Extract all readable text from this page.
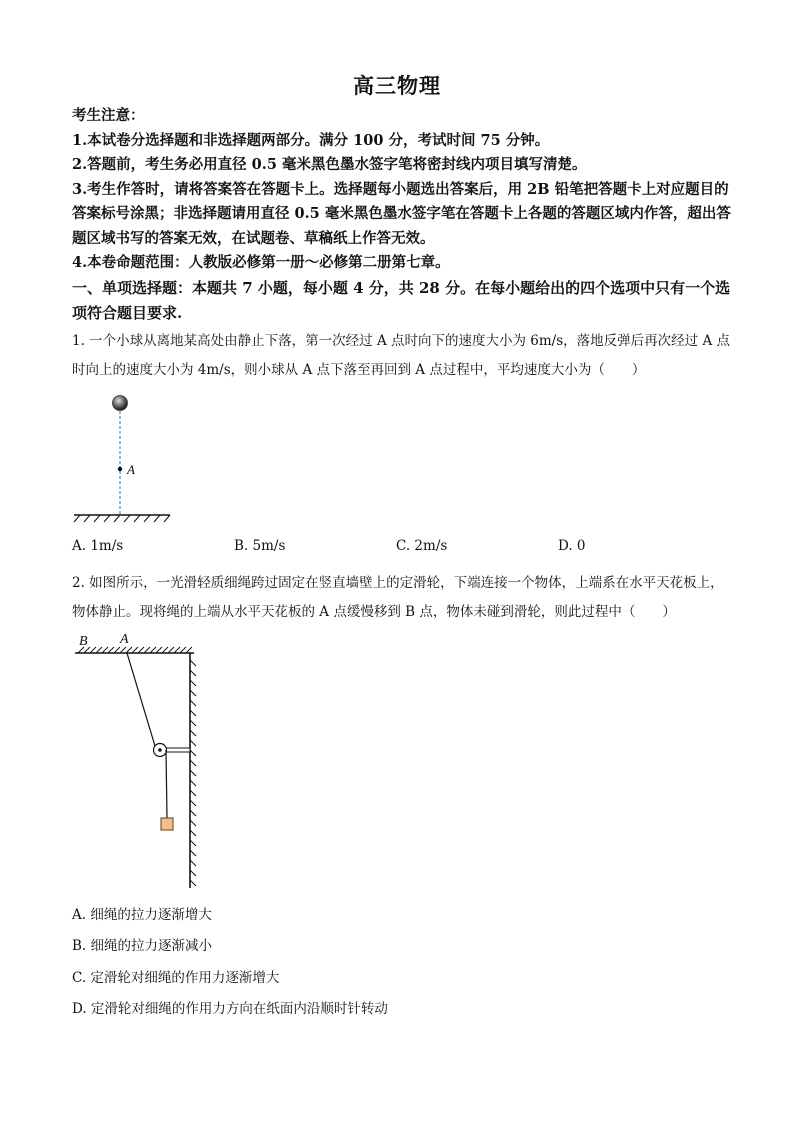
高三物理

考生注意：

1.本试卷分选择题和非选择题两部分。满分 100 分，考试时间 75 分钟。

2.答题前，考生务必用直径 0.5 毫米黑色墨水签字笔将密封线内项目填写清楚。

3.考生作答时，请将答案答在答题卡上。选择题每小题选出答案后，用 2B 铅笔把答题卡上对应题目的答案标号涂黑；非选择题请用直径 0.5 毫米黑色墨水签字笔在答题卡上各题的答题区域内作答，超出答题区域书写的答案无效，在试题卷、草稿纸上作答无效。

4.本卷命题范围：人教版必修第一册～必修第二册第七章。

一、单项选择题：本题共 7 小题，每小题 4 分，共 28 分。在每小题给出的四个选项中只有一个选项符合题目要求.
1. 一个小球从离地某高处由静止下落，第一次经过 A 点时向下的速度大小为 6m/s，落地反弹后再次经过 A 点时向上的速度大小为 4m/s，则小球从 A 点下落至再回到 A 点过程中，平均速度大小为（　　）
A
A. 1m/s	B. 5m/s	C. 2m/s	D. 0
2. 如图所示，一光滑轻质细绳跨过固定在竖直墙壁上的定滑轮，下端连接一个物体，上端系在水平天花板上，物体静止。现将绳的上端从水平天花板的 A 点缓慢移到 B 点，物体未碰到滑轮，则此过程中（　　）
B A
A. 细绳的拉力逐渐增大
B. 细绳的拉力逐渐减小
C. 定滑轮对细绳的作用力逐渐增大
D. 定滑轮对细绳的作用力方向在纸面内沿顺时针转动
